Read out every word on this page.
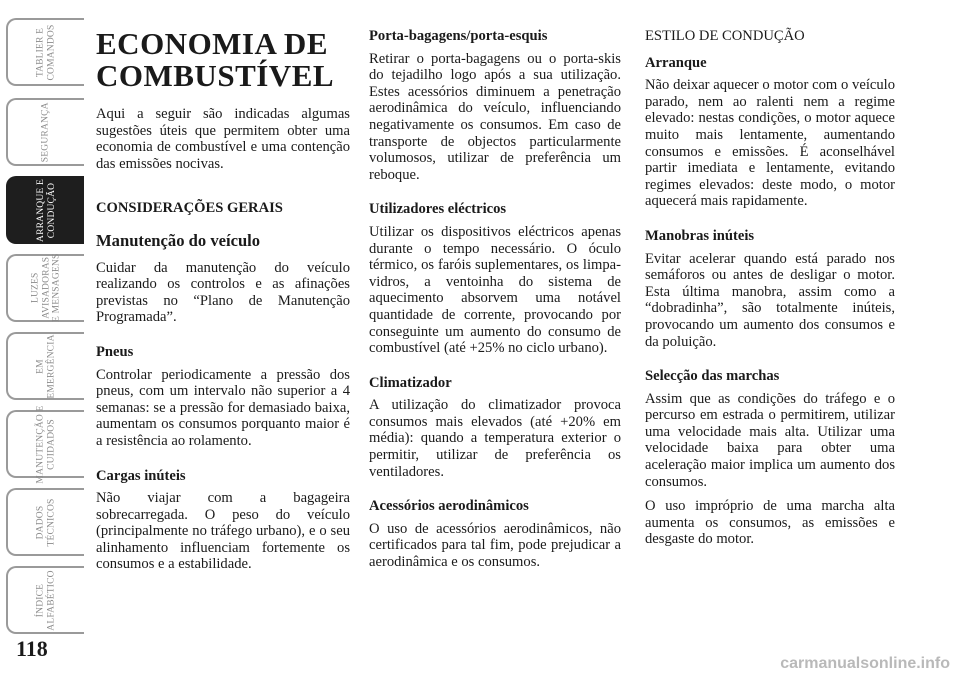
TABLIER E
COMANDOS
SEGURANÇA
ARRANQUE E
CONDUÇÃO
LUZES
AVISADORAS
E MENSAGENS
EM
EMERGÊNCIA
MANUTENÇÃO E
CUIDADOS
DADOS
TÉCNICOS
ÍNDICE
ALFABÉTICO
118
ECONOMIA DE
COMBUSTÍVEL

Aqui a seguir são indicadas algumas sugestões úteis que permitem obter uma economia de combustível e uma contenção das emissões nocivas.

CONSIDERAÇÕES GERAIS
Manutenção do veículo

Cuidar da manutenção do veículo realizando os controlos e as afinações previstas no “Plano de Manutenção Programada”.

Pneus

Controlar periodicamente a pressão dos pneus, com um intervalo não superior a 4 semanas: se a pressão for demasiado baixa, aumentam os consumos porquanto maior é a resistência ao rolamento.

Cargas inúteis

Não viajar com a bagageira sobrecarregada. O peso do veículo (principalmente no tráfego urbano), e o seu alinhamento influenciam fortemente os consumos e a estabilidade.

Porta-bagagens/porta-esquis

Retirar o porta-bagagens ou o porta-skis do tejadilho logo após a sua utilização. Estes acessórios diminuem a penetração aerodinâmica do veículo, influenciando negativamente os consumos. Em caso de transporte de objectos particularmente volumosos, utilizar de preferência um reboque.

Utilizadores eléctricos

Utilizar os dispositivos eléctricos apenas durante o tempo necessário. O óculo térmico, os faróis suplementares, os limpa-vidros, a ventoinha do sistema de aquecimento absorvem uma notável quantidade de corrente, provocando por conseguinte um aumento do consumo de combustível (até +25% no ciclo urbano).

Climatizador

A utilização do climatizador provoca consumos mais elevados (até +20% em média): quando a temperatura exterior o permitir, utilizar de preferência os ventiladores.

Acessórios aerodinâmicos

O uso de acessórios aerodinâmicos, não certificados para tal fim, pode prejudicar a aerodinâmica e os consumos.

ESTILO DE CONDUÇÃO
Arranque

Não deixar aquecer o motor com o veículo parado, nem ao ralenti nem a regime elevado: nestas condições, o motor aquece muito mais lentamente, aumentando consumos e emissões. É aconselhável partir imediata e lentamente, evitando regimes elevados: deste modo, o motor aquecerá mais rapidamente.

Manobras inúteis

Evitar acelerar quando está parado nos semáforos ou antes de desligar o motor. Esta última manobra, assim como a “dobradinha”, são totalmente inúteis, provocando um aumento dos consumos e da poluição.

Selecção das marchas

Assim que as condições do tráfego e o percurso em estrada o permitirem, utilizar uma velocidade mais alta. Utilizar uma velocidade baixa para obter uma aceleração maior implica um aumento dos consumos.

O uso impróprio de uma marcha alta aumenta os consumos, as emissões e desgaste do motor.

carmanualsonline.info
